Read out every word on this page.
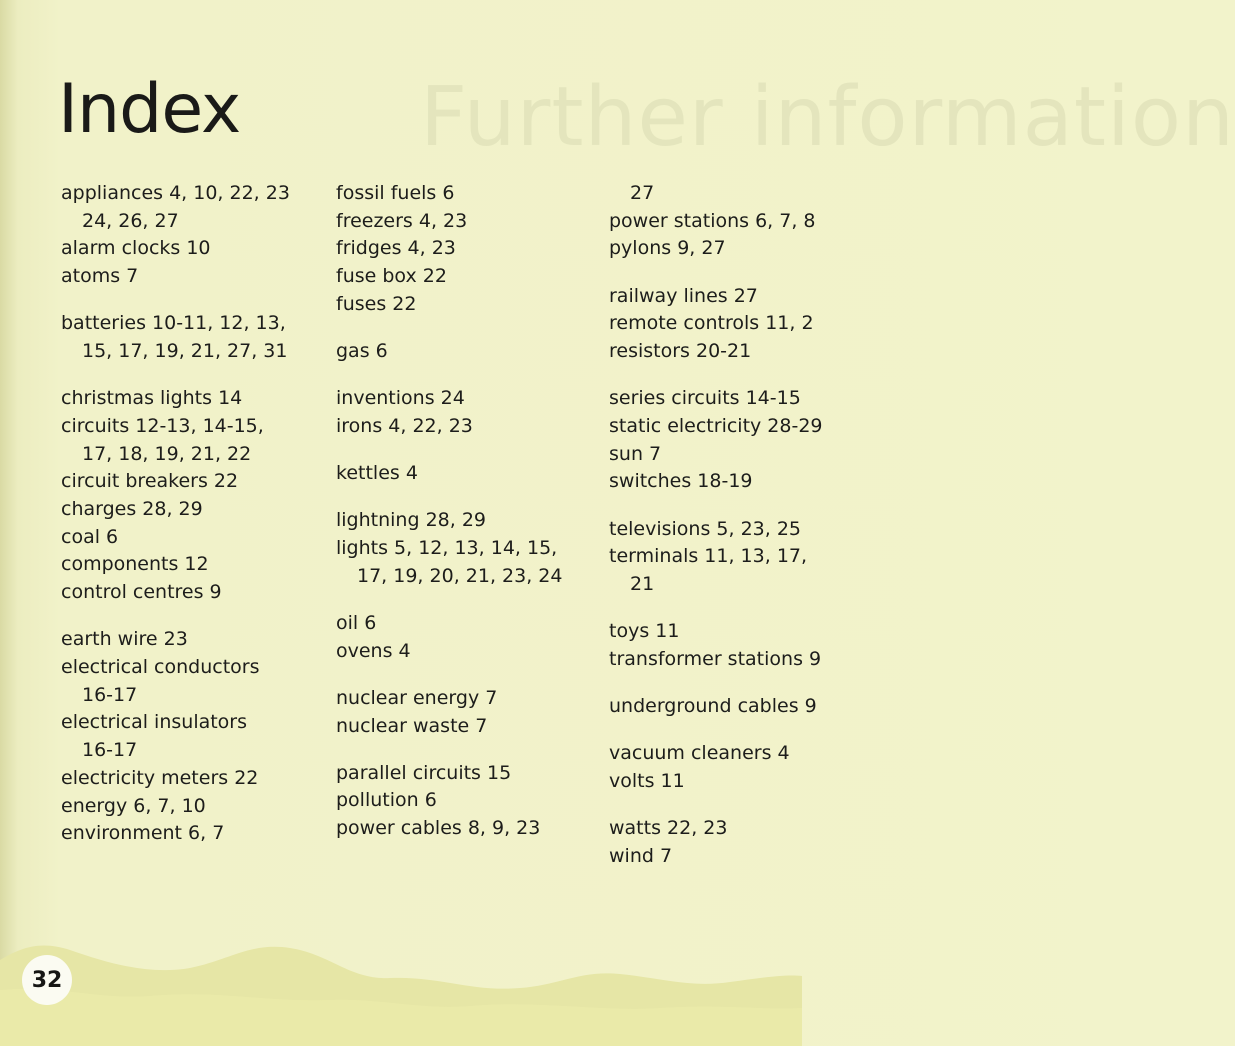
Further information
Index
appliances 4, 10, 22, 23
24, 26, 27
alarm clocks 10
atoms 7
batteries 10-11, 12, 13,
15, 17, 19, 21, 27, 31
christmas lights 14
circuits 12-13, 14-15,
17, 18, 19, 21, 22
circuit breakers 22
charges 28, 29
coal 6
components 12
control centres 9
earth wire 23
electrical conductors
16-17
electrical insulators
16-17
electricity meters 22
energy 6, 7, 10
environment 6, 7
fossil fuels 6
freezers 4, 23
fridges 4, 23
fuse box 22
fuses 22
gas 6
inventions 24
irons 4, 22, 23
kettles 4
lightning 28, 29
lights 5, 12, 13, 14, 15,
17, 19, 20, 21, 23, 24
oil 6
ovens 4
nuclear energy 7
nuclear waste 7
parallel circuits 15
pollution 6
power cables 8, 9, 23
27
power stations 6, 7, 8
pylons 9, 27
railway lines 27
remote controls 11, 2
resistors 20-21
series circuits 14-15
static electricity 28-29
sun 7
switches 18-19
televisions 5, 23, 25
terminals 11, 13, 17,
21
toys 11
transformer stations 9
underground cables 9
vacuum cleaners 4
volts 11
watts 22, 23
wind 7
32
